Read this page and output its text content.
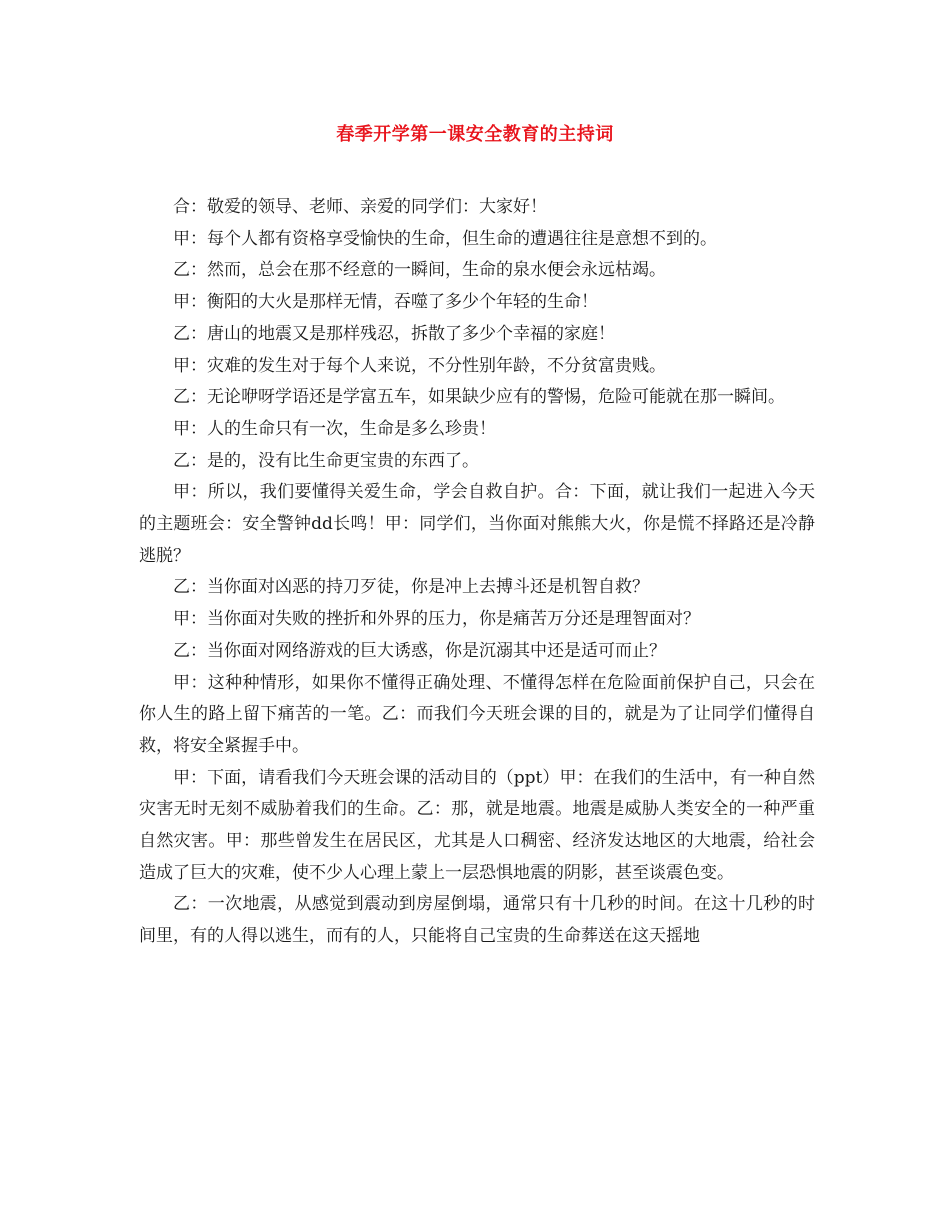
春季开学第一课安全教育的主持词

合：敬爱的领导、老师、亲爱的同学们：大家好！

甲：每个人都有资格享受愉快的生命，但生命的遭遇往往是意想不到的。

乙：然而，总会在那不经意的一瞬间，生命的泉水便会永远枯竭。

甲：衡阳的大火是那样无情，吞噬了多少个年轻的生命！

乙：唐山的地震又是那样残忍，拆散了多少个幸福的家庭！

甲：灾难的发生对于每个人来说，不分性别年龄，不分贫富贵贱。

乙：无论咿呀学语还是学富五车，如果缺少应有的警惕，危险可能就在那一瞬间。

甲：人的生命只有一次，生命是多么珍贵！

乙：是的，没有比生命更宝贵的东西了。

甲：所以，我们要懂得关爱生命，学会自救自护。合：下面，就让我们一起进入今天的主题班会：安全警钟dd长鸣！甲：同学们，当你面对熊熊大火，你是慌不择路还是冷静逃脱？

乙：当你面对凶恶的持刀歹徒，你是冲上去搏斗还是机智自救？

甲：当你面对失败的挫折和外界的压力，你是痛苦万分还是理智面对？

乙：当你面对网络游戏的巨大诱惑，你是沉溺其中还是适可而止？

甲：这种种情形，如果你不懂得正确处理、不懂得怎样在危险面前保护自己，只会在你人生的路上留下痛苦的一笔。乙：而我们今天班会课的目的，就是为了让同学们懂得自救，将安全紧握手中。

甲：下面，请看我们今天班会课的活动目的（ppt）甲：在我们的生活中，有一种自然灾害无时无刻不威胁着我们的生命。乙：那，就是地震。地震是威胁人类安全的一种严重自然灾害。甲：那些曾发生在居民区，尤其是人口稠密、经济发达地区的大地震，给社会造成了巨大的灾难，使不少人心理上蒙上一层恐惧地震的阴影，甚至谈震色变。

乙：一次地震，从感觉到震动到房屋倒塌，通常只有十几秒的时间。在这十几秒的时间里，有的人得以逃生，而有的人，只能将自己宝贵的生命葬送在这天摇地
